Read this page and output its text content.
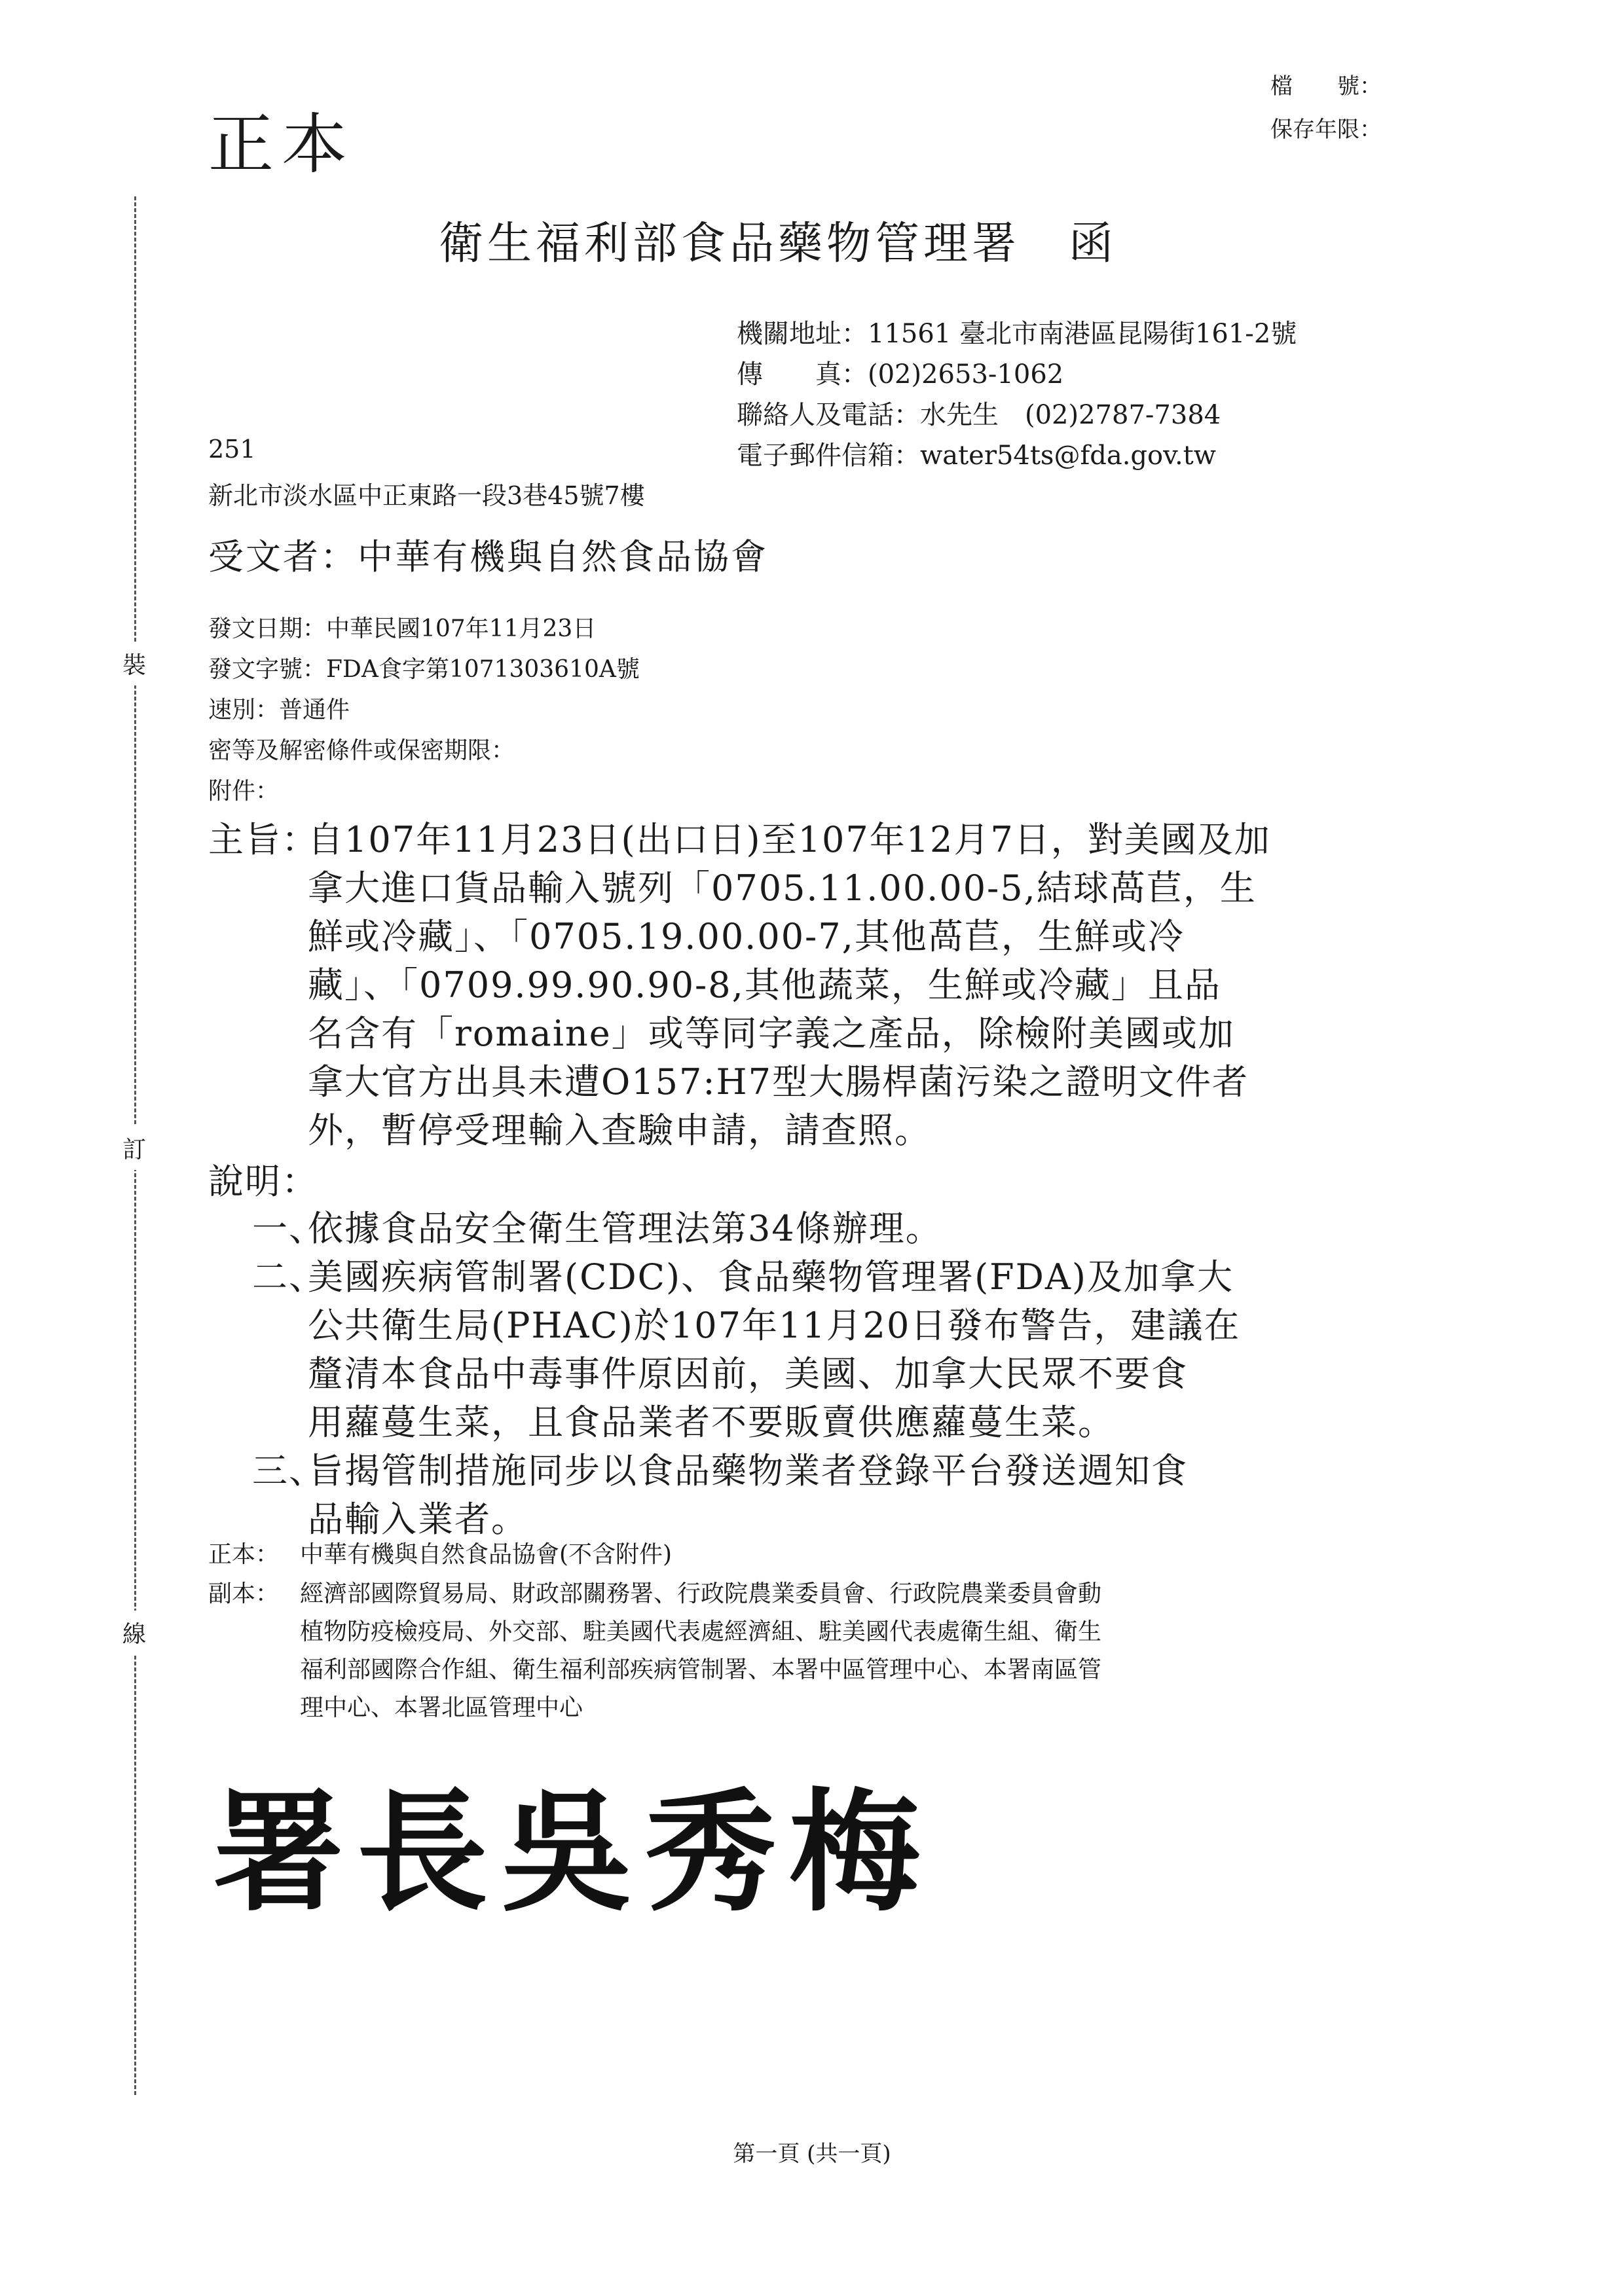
正本
檔　　號：
保存年限：
裝
訂
線
衛生福利部食品藥物管理署　函
機關地址：11561 臺北市南港區昆陽街161-2號
傳　　真：(02)2653-1062
聯絡人及電話：水先生　(02)2787-7384
電子郵件信箱：water54ts@fda.gov.tw
251
新北市淡水區中正東路一段3巷45號7樓
受文者：中華有機與自然食品協會
發文日期：中華民國107年11月23日
發文字號：FDA食字第1071303610A號
速別：普通件
密等及解密條件或保密期限：
附件：
主旨：
自107年11月23日(出口日)至107年12月7日，對美國及加
拿大進口貨品輸入號列「0705.11.00.00-5,結球萵苣，生
鮮或冷藏」、「0705.19.00.00-7,其他萵苣，生鮮或冷
藏」、「0709.99.90.90-8,其他蔬菜，生鮮或冷藏」且品
名含有「romaine」或等同字義之產品，除檢附美國或加
拿大官方出具未遭O157:H7型大腸桿菌污染之證明文件者
外，暫停受理輸入查驗申請，請查照。
說明：
一、
依據食品安全衛生管理法第34條辦理。
二、
美國疾病管制署(CDC)、食品藥物管理署(FDA)及加拿大
公共衛生局(PHAC)於107年11月20日發布警告，建議在
釐清本食品中毒事件原因前，美國、加拿大民眾不要食
用蘿蔓生菜，且食品業者不要販賣供應蘿蔓生菜。
三、
旨揭管制措施同步以食品藥物業者登錄平台發送週知食
品輸入業者。
正本： 中華有機與自然食品協會(不含附件)
副本： 經濟部國際貿易局、財政部關務署、行政院農業委員會、行政院農業委員會動
植物防疫檢疫局、外交部、駐美國代表處經濟組、駐美國代表處衛生組、衛生
福利部國際合作組、衛生福利部疾病管制署、本署中區管理中心、本署南區管
理中心、本署北區管理中心
署長吳秀梅
第一頁 (共一頁)
